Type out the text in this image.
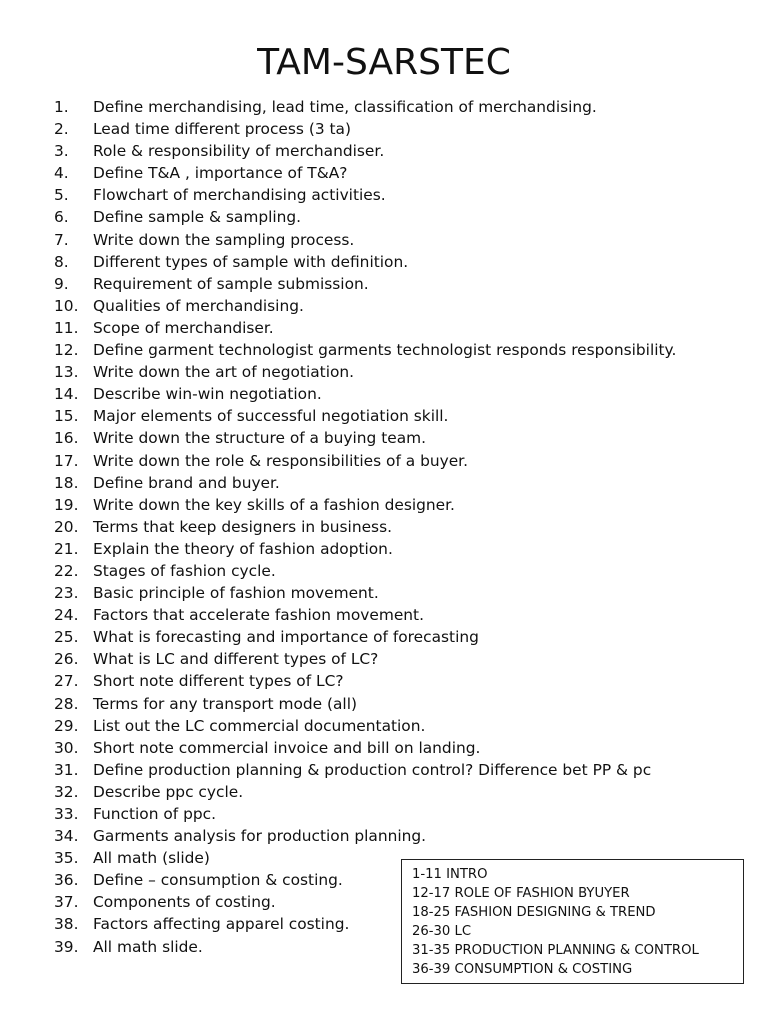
TAM-SARSTEC
1.	Define merchandising, lead time, classification of merchandising.
2.	Lead time different process (3 ta)
3.	Role & responsibility of merchandiser.
4.	Define T&A , importance of T&A?
5.	Flowchart of merchandising activities.
6.	Define sample & sampling.
7.	Write down the sampling process.
8.	Different types of sample with definition.
9.	Requirement of sample submission.
10. Qualities of merchandising.
11. Scope of merchandiser.
12. Define garment technologist garments technologist responds responsibility.
13. Write down the art of negotiation.
14. Describe win-win negotiation.
15. Major elements of successful negotiation skill.
16. Write down the structure of a buying team.
17. Write down the role & responsibilities of a buyer.
18. Define brand and buyer.
19. Write down the key skills of a fashion designer.
20. Terms that keep designers in business.
21. Explain the theory of fashion adoption.
22. Stages of fashion cycle.
23. Basic principle of fashion movement.
24. Factors that accelerate fashion movement.
25. What is forecasting and importance of forecasting
26. What is LC and different types of LC?
27. Short note different types of LC?
28. Terms for any transport mode (all)
29. List out the LC commercial documentation.
30. Short note commercial invoice and bill on landing.
31. Define production planning & production control? Difference bet PP & pc
32. Describe ppc cycle.
33. Function of ppc.
34. Garments analysis for production planning.
35. All math (slide)
36. Define – consumption & costing.
37. Components of costing.
38. Factors affecting apparel costing.
39. All math slide.
1-11 INTRO
12-17 ROLE OF FASHION BYUYER
18-25 FASHION DESIGNING & TREND
26-30 LC
31-35 PRODUCTION PLANNING & CONTROL
36-39 CONSUMPTION & COSTING
